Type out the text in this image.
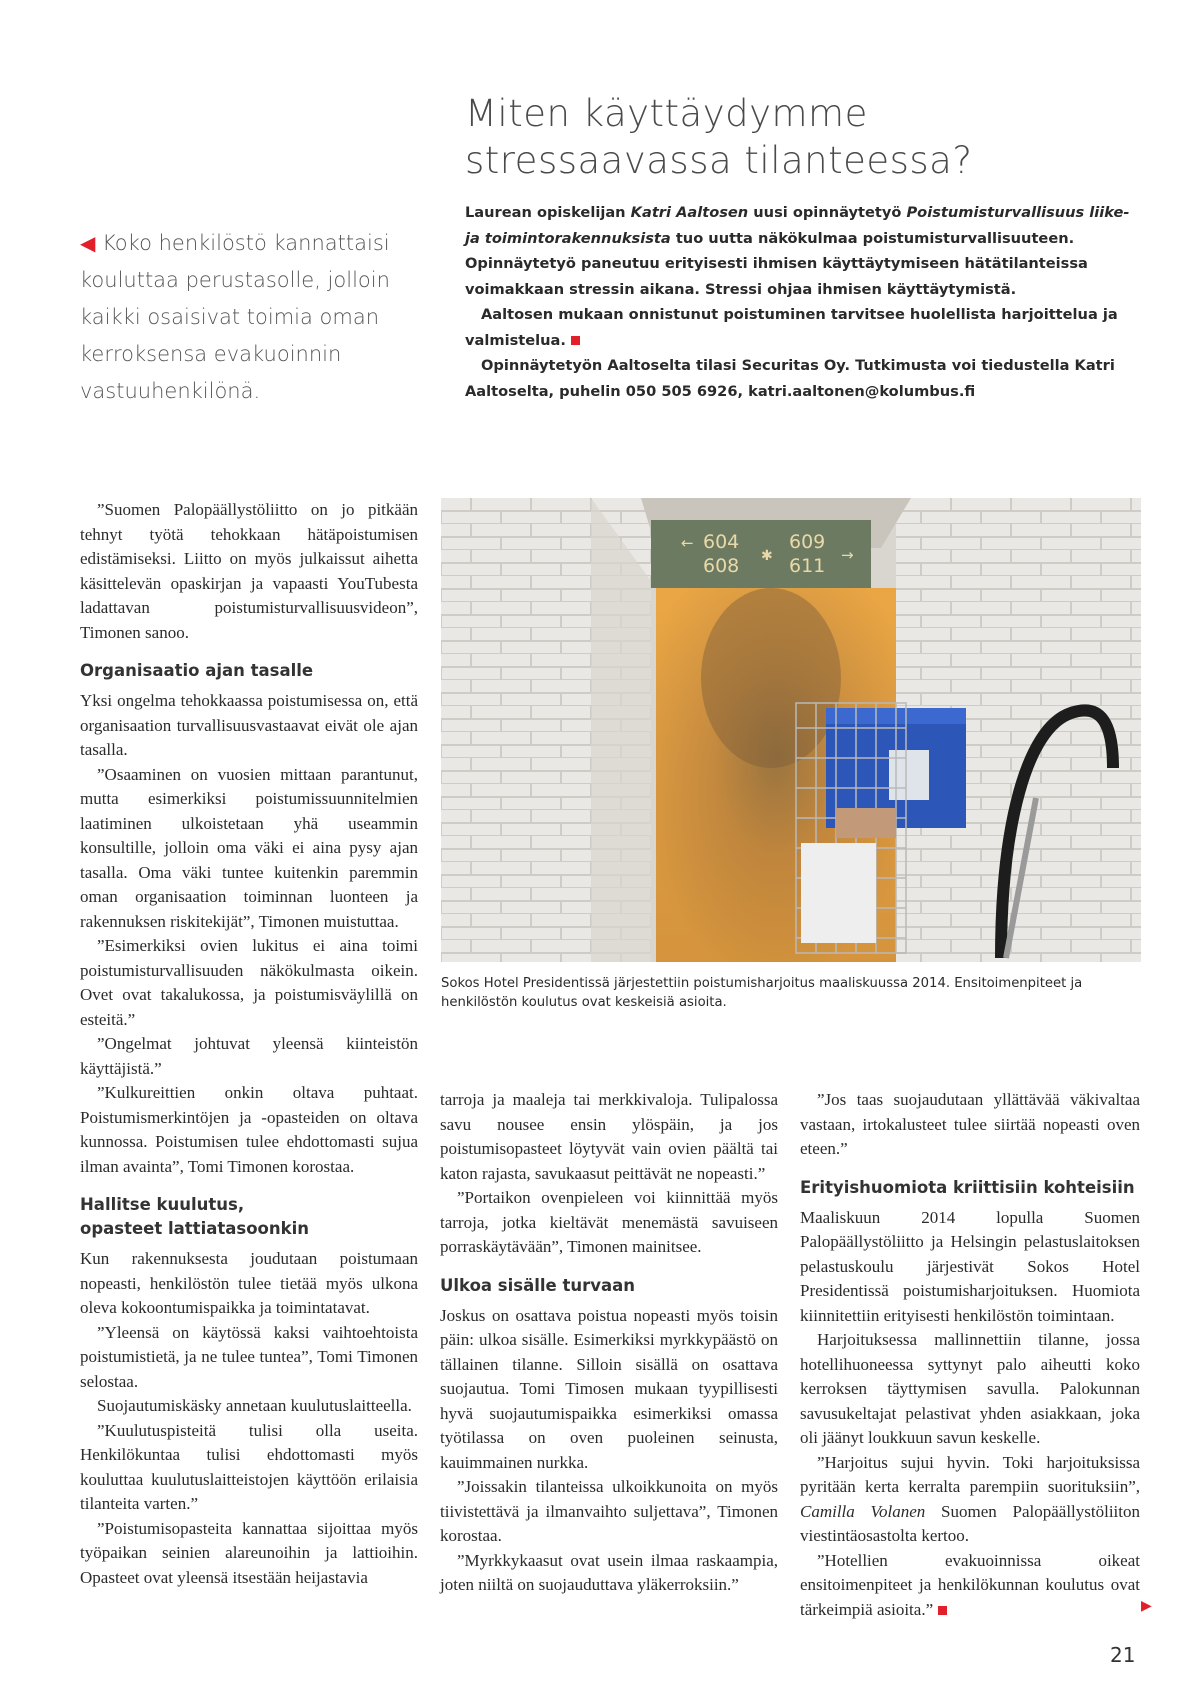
Miten käyttäydymme
stressaavassa tilanteessa?
◀ Koko henkilöstö kannattaisi kouluttaa perustasolle, jolloin kaikki osaisivat toimia oman kerroksensa evakuoinnin vastuuhenkilönä.

Laurean opiskelijan Katri Aaltosen uusi opinnäytetyö Poistumisturvallisuus liike- ja toimintorakennuksista tuo uutta näkökulmaa poistumisturvallisuuteen. Opinnäytetyö paneutuu erityisesti ihmisen käyttäytymiseen hätätilanteissa voimakkaan stressin aikana. Stressi ohjaa ihmisen käyttäytymistä.

Aaltosen mukaan onnistunut poistuminen tarvitsee huolellista harjoittelua ja valmistelua.

Opinnäytetyön Aaltoselta tilasi Securitas Oy. Tutkimusta voi tiedustella Katri Aaltoselta, puhelin 050 505 6926, katri.aaltonen@kolumbus.fi

”Suomen Palopäällystöliitto on jo pitkään tehnyt työtä tehokkaan hätäpoistumisen edistämiseksi. Liitto on myös julkaissut aihetta käsittelevän opaskirjan ja vapaasti YouTubesta ladattavan poistumisturvallisuusvideon”, Timonen sanoo.

Organisaatio ajan tasalle

Yksi ongelma tehokkaassa poistumisessa on, että organisaation turvallisuusvastaavat eivät ole ajan tasalla.

”Osaaminen on vuosien mittaan parantunut, mutta esimerkiksi poistumissuunnitelmien laatiminen ulkoistetaan yhä useammin konsultille, jolloin oma väki ei aina pysy ajan tasalla. Oma väki tuntee kuitenkin paremmin oman organisaation toiminnan luonteen ja rakennuksen riskitekijät”, Timonen muistuttaa.

”Esimerkiksi ovien lukitus ei aina toimi poistumisturvallisuuden näkökulmasta oikein. Ovet ovat takalukossa, ja poistumisväylillä on esteitä.”

”Ongelmat johtuvat yleensä kiinteistön käyttäjistä.”

”Kulkureittien onkin oltava puhtaat. Poistumismerkintöjen ja -opasteiden on oltava kunnossa. Poistumisen tulee ehdottomasti sujua ilman avainta”, Tomi Timonen korostaa.

Hallitse kuulutus,
opasteet lattiatasoonkin

Kun rakennuksesta joudutaan poistumaan nopeasti, henkilöstön tulee tietää myös ulkona oleva kokoontumispaikka ja toimintatavat.

”Yleensä on käytössä kaksi vaihtoehtoista poistumistietä, ja ne tulee tuntea”, Tomi Timonen selostaa.

Suojautumiskäsky annetaan kuulutuslaitteella.

”Kuulutuspisteitä tulisi olla useita. Henkilökuntaa tulisi ehdottomasti myös kouluttaa kuulutuslaitteistojen käyttöön erilaisia tilanteita varten.”

”Poistumisopasteita kannattaa sijoittaa myös työpaikan seinien alareunoihin ja lattioihin. Opasteet ovat yleensä itsestään heijastavia

← 604
608 ✱
609
611 →
Sokos Hotel Presidentissä järjestettiin poistumisharjoitus maaliskuussa 2014. Ensitoimenpiteet ja henkilöstön koulutus ovat keskeisiä asioita.

tarroja ja maaleja tai merkkivaloja. Tulipalossa savu nousee ensin ylöspäin, ja jos poistumisopasteet löytyvät vain ovien päältä tai katon rajasta, savukaasut peittävät ne nopeasti.”

”Portaikon ovenpieleen voi kiinnittää myös tarroja, jotka kieltävät menemästä savuiseen porraskäytävään”, Timonen mainitsee.

Ulkoa sisälle turvaan

Joskus on osattava poistua nopeasti myös toisin päin: ulkoa sisälle. Esimerkiksi myrkkypäästö on tällainen tilanne. Silloin sisällä on osattava suojautua. Tomi Timosen mukaan tyypillisesti hyvä suojautumispaikka esimerkiksi omassa työtilassa on oven puoleinen seinusta, kauimmainen nurkka.

”Joissakin tilanteissa ulkoikkunoita on myös tiivistettävä ja ilmanvaihto suljettava”, Timonen korostaa.

”Myrkkykaasut ovat usein ilmaa raskaampia, joten niiltä on suojauduttava yläkerroksiin.”

”Jos taas suojaudutaan yllättävää väkivaltaa vastaan, irtokalusteet tulee siirtää nopeasti oven eteen.”

Erityishuomiota kriittisiin kohteisiin

Maaliskuun 2014 lopulla Suomen Palopäällystöliitto ja Helsingin pelastuslaitoksen pelastuskoulu järjestivät Sokos Hotel Presidentissä poistumisharjoituksen. Huomiota kiinnitettiin erityisesti henkilöstön toimintaan.

Harjoituksessa mallinnettiin tilanne, jossa hotellihuoneessa syttynyt palo aiheutti koko kerroksen täyttymisen savulla. Palokunnan savusukeltajat pelastivat yhden asiakkaan, joka oli jäänyt loukkuun savun keskelle.

”Harjoitus sujui hyvin. Toki harjoituksissa pyritään kerta kerralta parempiin suorituksiin”, Camilla Volanen Suomen Palopäällystöliiton viestintäosastolta kertoo.

”Hotellien evakuoinnissa oikeat ensitoimenpiteet ja henkilökunnan koulutus ovat tärkeimpiä asioita.”	▶
21
